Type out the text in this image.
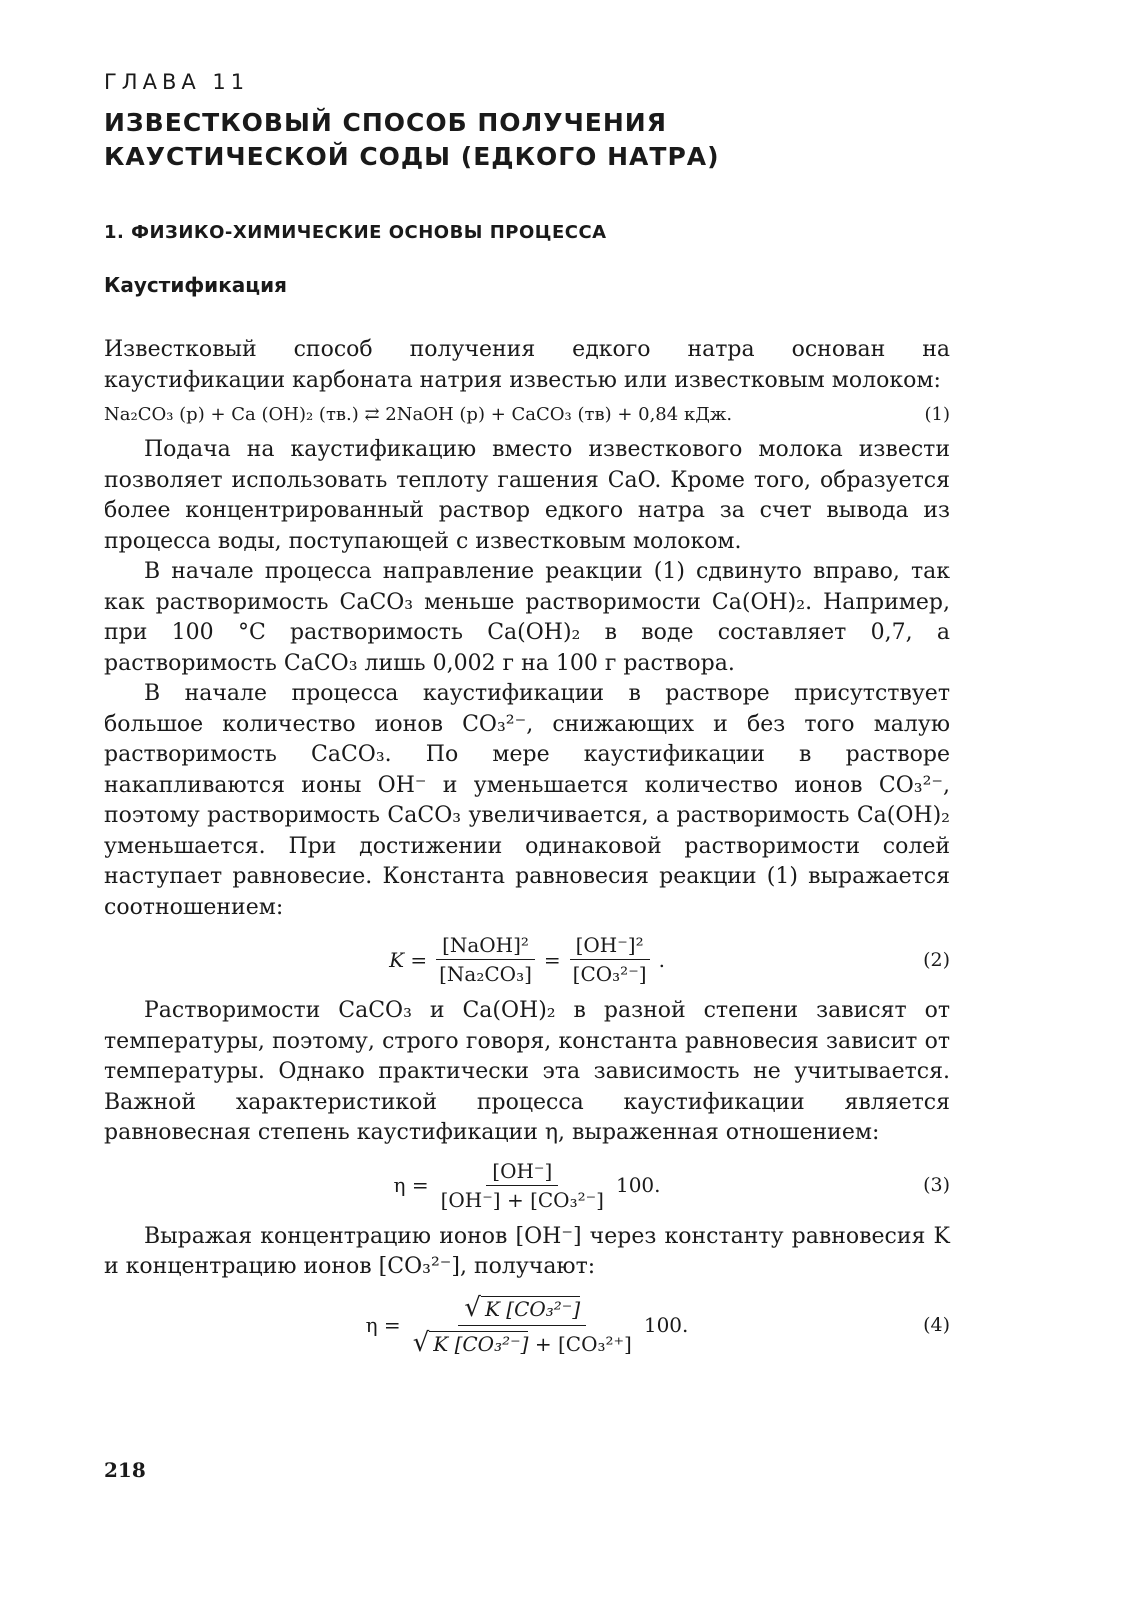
ГЛАВА 11
ИЗВЕСТКОВЫЙ СПОСОБ ПОЛУЧЕНИЯ
КАУСТИЧЕСКОЙ СОДЫ (ЕДКОГО НАТРА)
1. ФИЗИКО-ХИМИЧЕСКИЕ ОСНОВЫ ПРОЦЕССА
Каустификация

Известковый способ получения едкого натра основан на каустификации карбоната натрия известью или известковым молоком:

Na₂CO₃ (р) + Ca (OH)₂ (тв.) ⇄ 2NaOH (р) + CaCO₃ (тв) + 0,84 кДж.	(1)

Подача на каустификацию вместо известкового молока извести позволяет использовать теплоту гашения CaO. Кроме того, образуется более концентрированный раствор едкого натра за счет вывода из процесса воды, поступающей с известковым молоком.

В начале процесса направление реакции (1) сдвинуто вправо, так как растворимость CaCO₃ меньше растворимости Ca(OH)₂. Например, при 100 °C растворимость Ca(OH)₂ в воде составляет 0,7, а растворимость CaCO₃ лишь 0,002 г на 100 г раствора.

В начале процесса каустификации в растворе присутствует большое количество ионов CO₃²⁻, снижающих и без того малую растворимость CaCO₃. По мере каустификации в растворе накапливаются ионы OH⁻ и уменьшается количество ионов CO₃²⁻, поэтому растворимость CaCO₃ увеличивается, а растворимость Ca(OH)₂ уменьшается. При достижении одинаковой растворимости солей наступает равновесие. Константа равновесия реакции (1) выражается соотношением:

$K = \frac{\text{[NaOH]²}}{\text{[Na₂CO₃]}} = \frac{\text{[OH⁻]²}}{\text{[CO₃²⁻]}}$ .	(2)

Растворимости CaCO₃ и Ca(OH)₂ в разной степени зависят от температуры, поэтому, строго говоря, константа равновесия зависит от температуры. Однако практически эта зависимость не учитывается. Важной характеристикой процесса каустификации является равновесная степень каустификации η, выраженная отношением:

$\eta = \frac{[OH^-]}{\text{[OH⁻] + [CO₃²⁻]}} 100$.	(3)

Выражая концентрацию ионов [OH⁻] через константу равновесия K и концентрацию ионов [CO₃²⁻], получают:

$\eta = \frac{\text{√ K [CO₃²⁻]}}{\text{√ K [CO₃²⁻] + [CO₃²⁺]}} 100$.	(4)
218
